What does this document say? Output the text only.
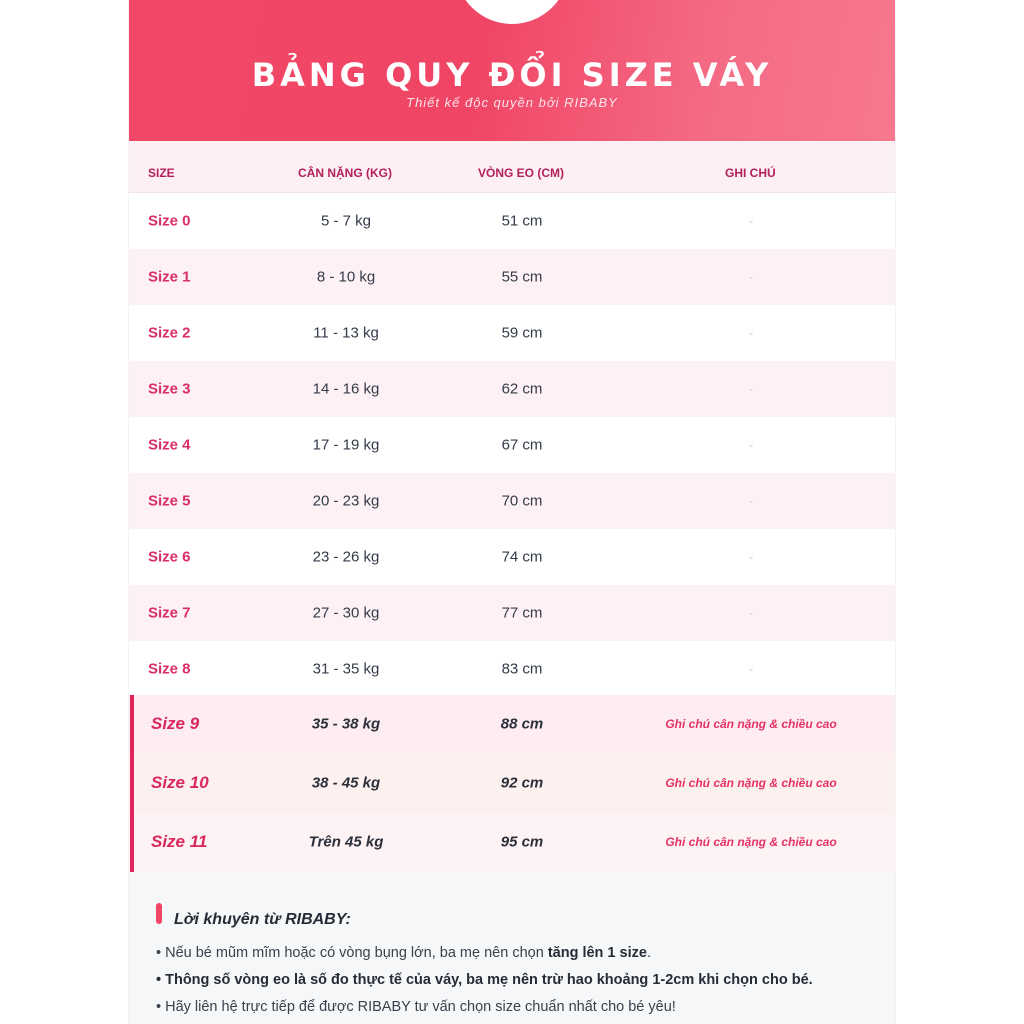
BẢNG QUY ĐỔI SIZE VÁY
Thiết kế độc quyền bởi RIBABY
SIZE	CÂN NẶNG (KG)	VÒNG EO (CM)	GHI CHÚ
Size 0	5 - 7 kg	51 cm	-
Size 1	8 - 10 kg	55 cm	-
Size 2	11 - 13 kg	59 cm	-
Size 3	14 - 16 kg	62 cm	-
Size 4	17 - 19 kg	67 cm	-
Size 5	20 - 23 kg	70 cm	-
Size 6	23 - 26 kg	74 cm	-
Size 7	27 - 30 kg	77 cm	-
Size 8	31 - 35 kg	83 cm	-
Size 9	35 - 38 kg	88 cm	Ghi chú cân nặng & chiều cao
Size 10	38 - 45 kg	92 cm	Ghi chú cân nặng & chiều cao
Size 11	Trên 45 kg	95 cm	Ghi chú cân nặng & chiều cao
Lời khuyên từ RIBABY:
• Nếu bé mũm mĩm hoặc có vòng bụng lớn, ba mẹ nên chọn tăng lên 1 size.
• Thông số vòng eo là số đo thực tế của váy, ba mẹ nên trừ hao khoảng 1-2cm khi chọn cho bé.
• Hãy liên hệ trực tiếp để được RIBABY tư vấn chọn size chuẩn nhất cho bé yêu!
